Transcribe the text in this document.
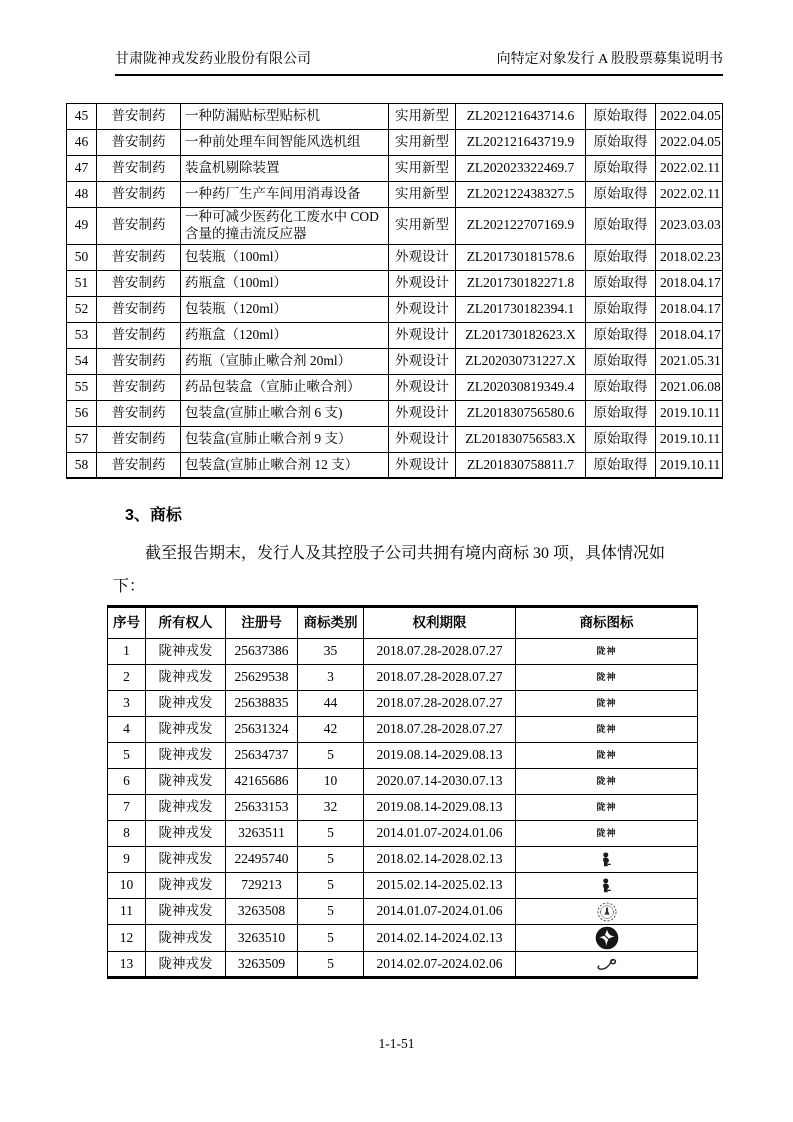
甘肃陇神戎发药业股份有限公司	向特定对象发行 A 股股票募集说明书
45	普安制药	一种防漏贴标型贴标机	实用新型	ZL202121643714.6	原始取得	2022.04.05
46	普安制药	一种前处理车间智能风选机组	实用新型	ZL202121643719.9	原始取得	2022.04.05
47	普安制药	装盒机剔除装置	实用新型	ZL202023322469.7	原始取得	2022.02.11
48	普安制药	一种药厂生产车间用消毒设备	实用新型	ZL202122438327.5	原始取得	2022.02.11
49	普安制药	一种可减少医药化工废水中 COD 含量的撞击流反应器	实用新型	ZL202122707169.9	原始取得	2023.03.03
50	普安制药	包装瓶（100ml）	外观设计	ZL201730181578.6	原始取得	2018.02.23
51	普安制药	药瓶盒（100ml）	外观设计	ZL201730182271.8	原始取得	2018.04.17
52	普安制药	包装瓶（120ml）	外观设计	ZL201730182394.1	原始取得	2018.04.17
53	普安制药	药瓶盒（120ml）	外观设计	ZL201730182623.X	原始取得	2018.04.17
54	普安制药	药瓶（宣肺止嗽合剂 20ml）	外观设计	ZL202030731227.X	原始取得	2021.05.31
55	普安制药	药品包装盒（宣肺止嗽合剂）	外观设计	ZL202030819349.4	原始取得	2021.06.08
56	普安制药	包装盒(宣肺止嗽合剂 6 支)	外观设计	ZL201830756580.6	原始取得	2019.10.11
57	普安制药	包装盒(宣肺止嗽合剂 9 支）	外观设计	ZL201830756583.X	原始取得	2019.10.11
58	普安制药	包装盒(宣肺止嗽合剂 12 支）	外观设计	ZL201830758811.7	原始取得	2019.10.11
3、商标
截至报告期末，发行人及其控股子公司共拥有境内商标 30 项，具体情况如
下：
序号	所有权人	注册号	商标类别	权利期限	商标图标
1	陇神戎发	25637386	35	2018.07.28-2028.07.27	陇神
2	陇神戎发	25629538	3	2018.07.28-2028.07.27	陇神
3	陇神戎发	25638835	44	2018.07.28-2028.07.27	陇神
4	陇神戎发	25631324	42	2018.07.28-2028.07.27	陇神
5	陇神戎发	25634737	5	2019.08.14-2029.08.13	陇神
6	陇神戎发	42165686	10	2020.07.14-2030.07.13	陇神
7	陇神戎发	25633153	32	2019.08.14-2029.08.13	陇神
8	陇神戎发	3263511	5	2014.01.07-2024.01.06	陇神
9	陇神戎发	22495740	5	2018.02.14-2028.02.13	
10	陇神戎发	729213	5	2015.02.14-2025.02.13	
11	陇神戎发	3263508	5	2014.01.07-2024.01.06	
12	陇神戎发	3263510	5	2014.02.14-2024.02.13	
13	陇神戎发	3263509	5	2014.02.07-2024.02.06	
1-1-51
